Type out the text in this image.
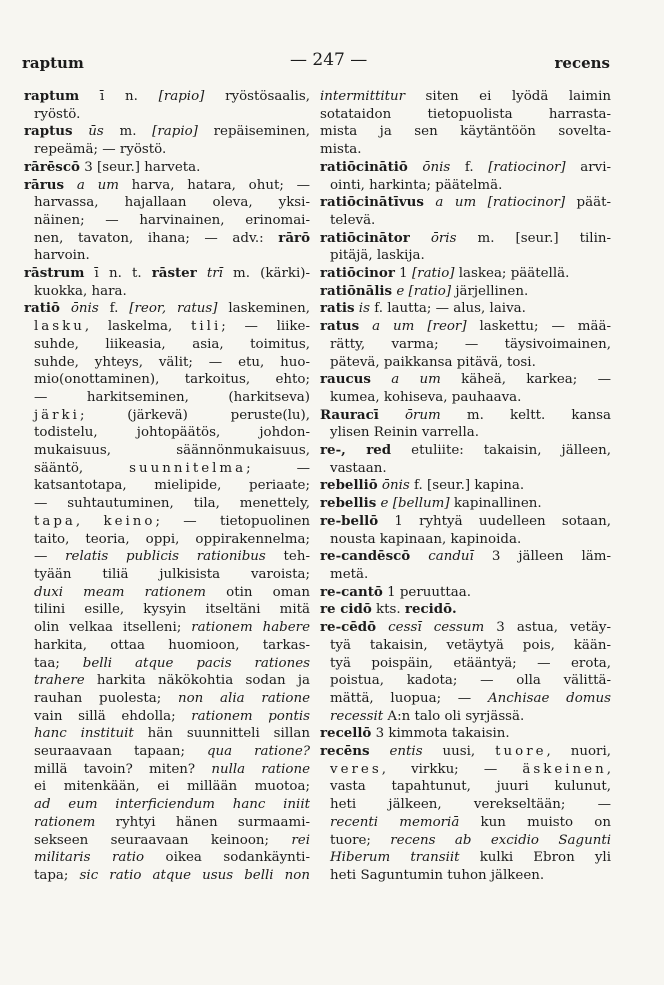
raptum	— 247 —	recens
raptum ī n. [rapio] ryöstösaalis,
ryöstö.
raptus ūs m. [rapio] repäiseminen,
repeämä; — ryöstö.
rārēscō 3 [seur.] harveta.
rārus a um harva, hatara, ohut; —
harvassa, hajallaan oleva, yksi-
näinen; — harvinainen, erinomai-
nen, tavaton, ihana; — adv.: rārō
harvoin.
rāstrum ī n. t. rāster trī m. (kärki)-
kuokka, hara.
ratiō ōnis f. [reor, ratus] laskeminen,
lasku, laskelma, tili; — liike-
suhde, liikeasia, asia, toimitus,
suhde, yhteys, välit; — etu, huo-
mio(onottaminen), tarkoitus, ehto;
— harkitseminen, (harkitseva)
järki; (järkevä) peruste(lu),
todistelu, johtopäätös, johdon-
mukaisuus, säännönmukaisuus,
sääntö, suunnitelma; —
katsantotapa, mielipide, periaate;
— suhtautuminen, tila, menettely,
tapa, keino; — tietopuolinen
taito, teoria, oppi, oppirakennelma;
— relatis publicis rationibus teh-
tyään tiliä julkisista varoista;
duxi meam rationem otin oman
tilini esille, kysyin itseltäni mitä
olin velkaa itselleni; rationem habere
harkita, ottaa huomioon, tarkas-
taa; belli atque pacis rationes
trahere harkita näkökohtia sodan ja
rauhan puolesta; non alia ratione
vain sillä ehdolla; rationem pontis
hanc instituit hän suunnitteli sillan
seuraavaan tapaan; qua ratione?
millä tavoin? miten? nulla ratione
ei mitenkään, ei millään muotoa;
ad eum interficiendum hanc iniit
rationem ryhtyi hänen surmaami-
sekseen seuraavaan keinoon; rei
militaris ratio oikea sodankäynti-
tapa; sic ratio atque usus belli non
intermittitur siten ei lyödä laimin
sotataidon tietopuolista harrasta-
mista ja sen käytäntöön sovelta-
mista.
ratiōcinātiō ōnis f. [ratiocinor] arvi-
ointi, harkinta; päätelmä.
ratiōcinātīvus a um [ratiocinor] päät-
televä.
ratiōcinātor ōris m. [seur.] tilin-
pitäjä, laskija.
ratiōcinor 1 [ratio] laskea; päätellä.
ratiōnālis e [ratio] järjellinen.
ratis is f. lautta; — alus, laiva.
ratus a um [reor] laskettu; — mää-
rätty, varma; — täysivoimainen,
pätevä, paikkansa pitävä, tosi.
raucus a um käheä, karkea; —
kumea, kohiseva, pauhaava.
Rauracī ōrum m. keltt. kansa
ylisen Reinin varrella.
re-, red etuliite: takaisin, jälleen,
vastaan.
rebelliō ōnis f. [seur.] kapina.
rebellis e [bellum] kapinallinen.
re-bellō 1 ryhtyä uudelleen sotaan,
nousta kapinaan, kapinoida.
re-candēscō canduī 3 jälleen läm-
metä.
re-cantō 1 peruuttaa.
re cidō kts. recidō.
re-cēdō cessī cessum 3 astua, vetäy-
tyä takaisin, vetäytyä pois, kään-
tyä poispäin, etääntyä; — erota,
poistua, kadota; — olla välittä-
mättä, luopua; — Anchisae domus
recessit A:n talo oli syrjässä.
recellō 3 kimmota takaisin.
recēns entis uusi, tuore, nuori,
veres, virkku; — äskeinen,
vasta tapahtunut, juuri kulunut,
heti jälkeen, verekseltään; —
recenti memoriā kun muisto on
tuore; recens ab excidio Sagunti
Hiberum transiit kulki Ebron yli
heti Saguntumin tuhon jälkeen.
